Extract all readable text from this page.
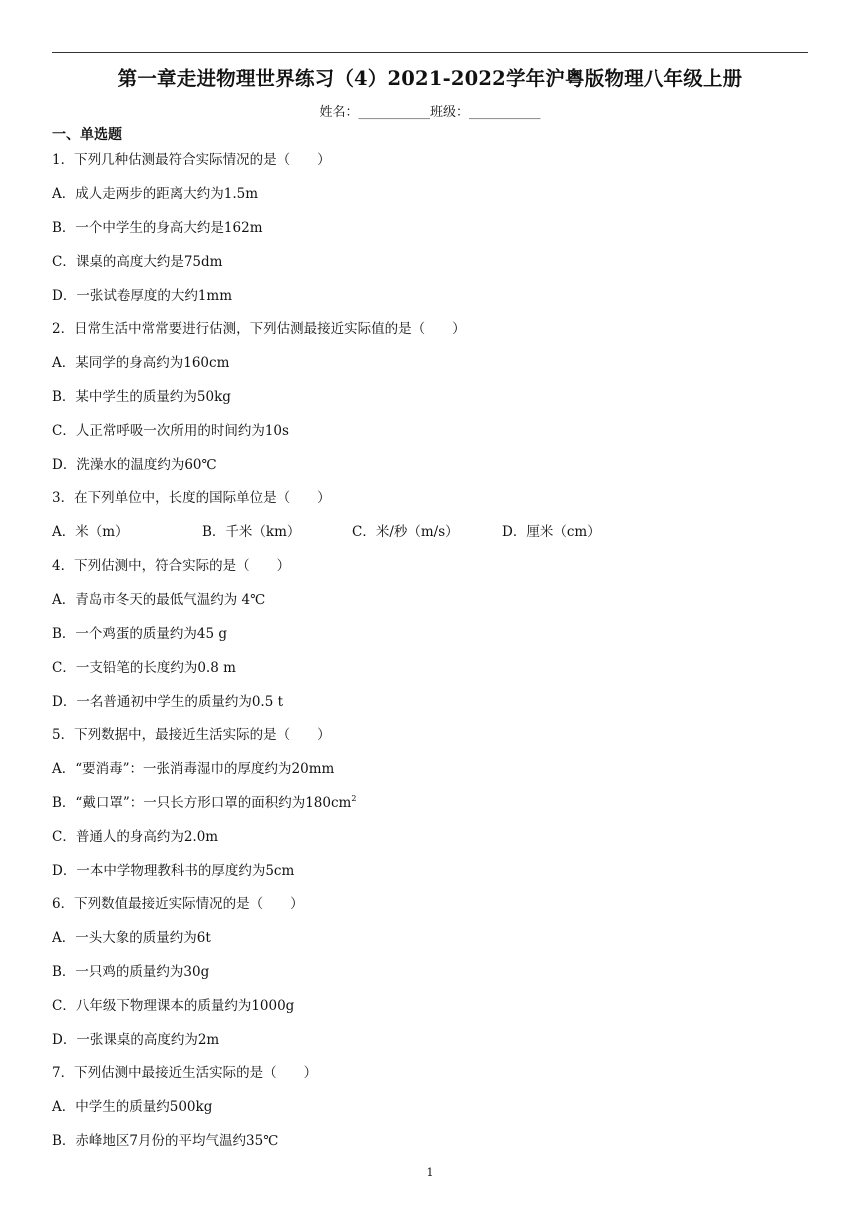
第一章走进物理世界练习（4）2021-2022学年沪粤版物理八年级上册
姓名：___________班级：___________
一、单选题
1．下列几种估测最符合实际情况的是（　　）
A．成人走两步的距离大约为1.5m
B．一个中学生的身高大约是162m
C．课桌的高度大约是75dm
D．一张试卷厚度的大约1mm
2．日常生活中常常要进行估测，下列估测最接近实际值的是（　　）
A．某同学的身高约为160cm
B．某中学生的质量约为50kg
C．人正常呼吸一次所用的时间约为10s
D．洗澡水的温度约为60℃
3．在下列单位中，长度的国际单位是（　　）
A．米（m）	B．千米（km）	C．米/秒（m/s）	D．厘米（cm）
4．下列估测中，符合实际的是（　　）
A．青岛市冬天的最低气温约为 4℃
B．一个鸡蛋的质量约为45 g
C．一支铅笔的长度约为0.8 m
D．一名普通初中学生的质量约为0.5 t
5．下列数据中，最接近生活实际的是（　　）
A．“要消毒”：一张消毒湿巾的厚度约为20mm
B．“戴口罩”：一只长方形口罩的面积约为$180cm^2$
C．普通人的身高约为2.0m
D．一本中学物理教科书的厚度约为5cm
6．下列数值最接近实际情况的是（　　）
A．一头大象的质量约为6t
B．一只鸡的质量约为30g
C．八年级下物理课本的质量约为1000g
D．一张课桌的高度约为2m
7．下列估测中最接近生活实际的是（　　）
A．中学生的质量约500kg
B．赤峰地区7月份的平均气温约35℃
1
